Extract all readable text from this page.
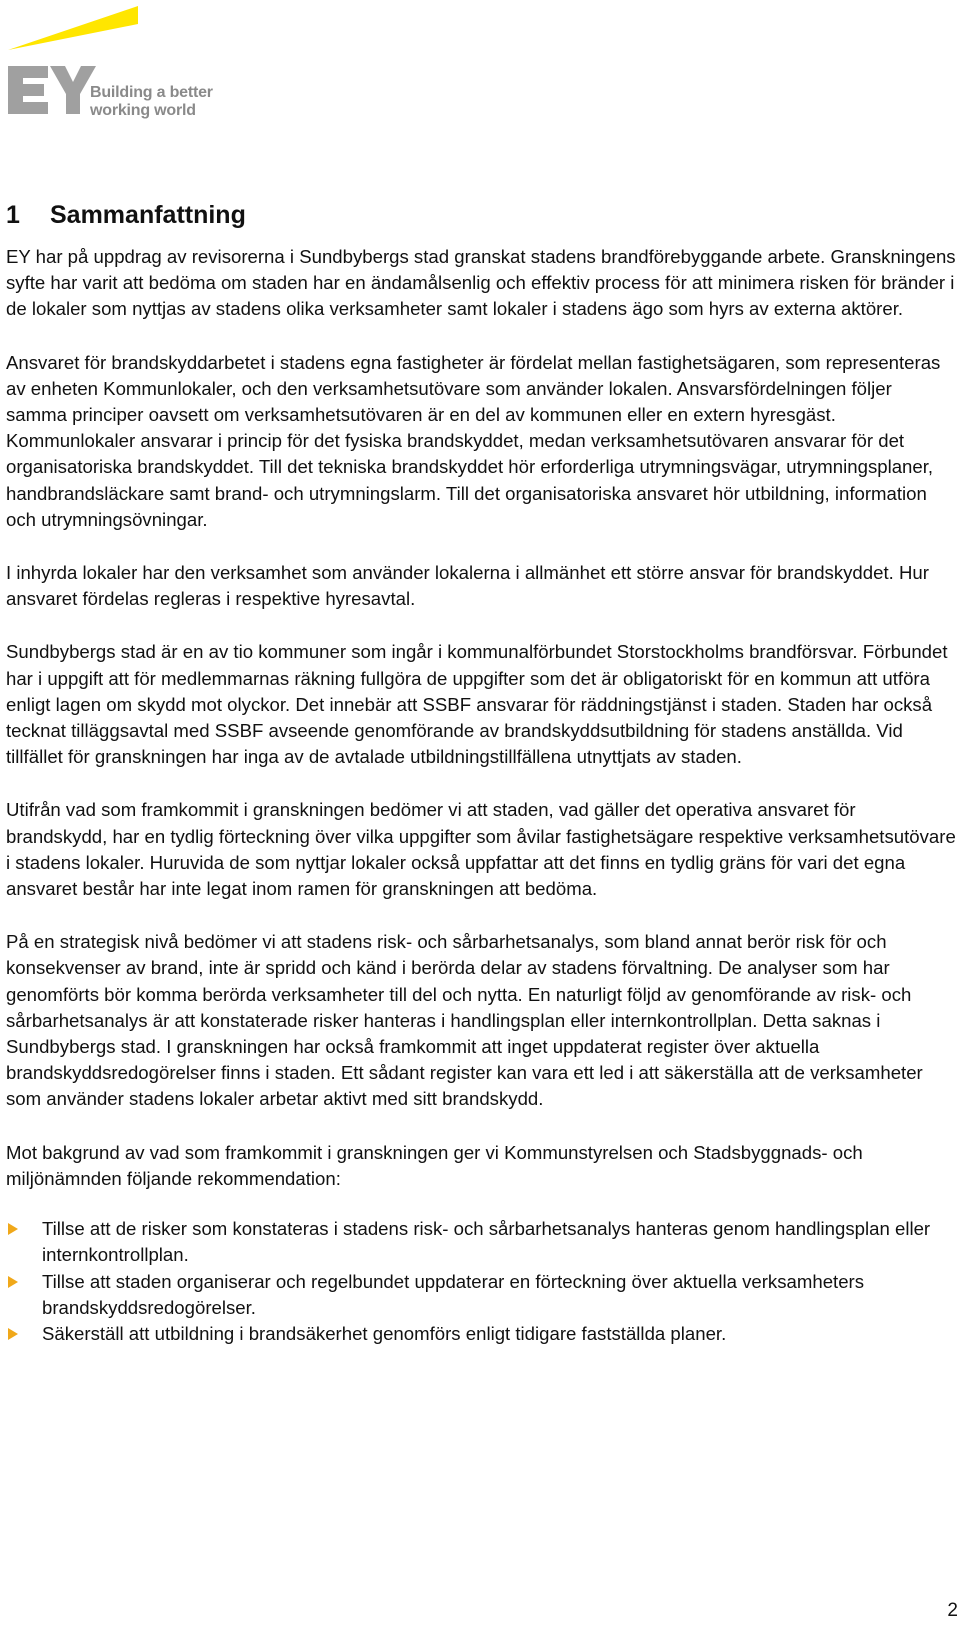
Building a better
working world
1 Sammanfattning

EY har på uppdrag av revisorerna i Sundbybergs stad granskat stadens brandförebyggande arbete. Granskningens syfte har varit att bedöma om staden har en ändamålsenlig och effektiv process för att minimera risken för bränder i de lokaler som nyttjas av stadens olika verksamheter samt lokaler i stadens ägo som hyrs av externa aktörer.

Ansvaret för brandskyddarbetet i stadens egna fastigheter är fördelat mellan fastighetsägaren, som representeras av enheten Kommunlokaler, och den verksamhetsutövare som använder lokalen. Ansvarsfördelningen följer samma principer oavsett om verksamhetsutövaren är en del av kommunen eller en extern hyresgäst. Kommunlokaler ansvarar i princip för det fysiska brandskyddet, medan verksamhetsutövaren ansvarar för det organisatoriska brandskyddet. Till det tekniska brandskyddet hör erforderliga utrymningsvägar, utrymningsplaner, handbrandsläckare samt brand- och utrymningslarm. Till det organisatoriska ansvaret hör utbildning, information och utrymningsövningar.

I inhyrda lokaler har den verksamhet som använder lokalerna i allmänhet ett större ansvar för brandskyddet. Hur ansvaret fördelas regleras i respektive hyresavtal.

Sundbybergs stad är en av tio kommuner som ingår i kommunalförbundet Storstockholms brandförsvar. Förbundet har i uppgift att för medlemmarnas räkning fullgöra de uppgifter som det är obligatoriskt för en kommun att utföra enligt lagen om skydd mot olyckor. Det innebär att SSBF ansvarar för räddningstjänst i staden. Staden har också tecknat tilläggsavtal med SSBF avseende genomförande av brandskyddsutbildning för stadens anställda. Vid tillfället för granskningen har inga av de avtalade utbildningstillfällena utnyttjats av staden.

Utifrån vad som framkommit i granskningen bedömer vi att staden, vad gäller det operativa ansvaret för brandskydd, har en tydlig förteckning över vilka uppgifter som åvilar fastighetsägare respektive verksamhetsutövare i stadens lokaler. Huruvida de som nyttjar lokaler också uppfattar att det finns en tydlig gräns för vari det egna ansvaret består har inte legat inom ramen för granskningen att bedöma.

På en strategisk nivå bedömer vi att stadens risk- och sårbarhetsanalys, som bland annat berör risk för och konsekvenser av brand, inte är spridd och känd i berörda delar av stadens förvaltning. De analyser som har genomförts bör komma berörda verksamheter till del och nytta. En naturligt följd av genomförande av risk- och sårbarhetsanalys är att konstaterade risker hanteras i handlingsplan eller internkontrollplan. Detta saknas i Sundbybergs stad. I granskningen har också framkommit att inget uppdaterat register över aktuella brandskyddsredogörelser finns i staden. Ett sådant register kan vara ett led i att säkerställa att de verksamheter som använder stadens lokaler arbetar aktivt med sitt brandskydd.

Mot bakgrund av vad som framkommit i granskningen ger vi Kommunstyrelsen och Stadsbyggnads- och miljönämnden följande rekommendation:

Tillse att de risker som konstateras i stadens risk- och sårbarhetsanalys hanteras genom handlingsplan eller internkontrollplan.
Tillse att staden organiserar och regelbundet uppdaterar en förteckning över aktuella verksamheters brandskyddsredogörelser.
Säkerställ att utbildning i brandsäkerhet genomförs enligt tidigare fastställda planer.
2
